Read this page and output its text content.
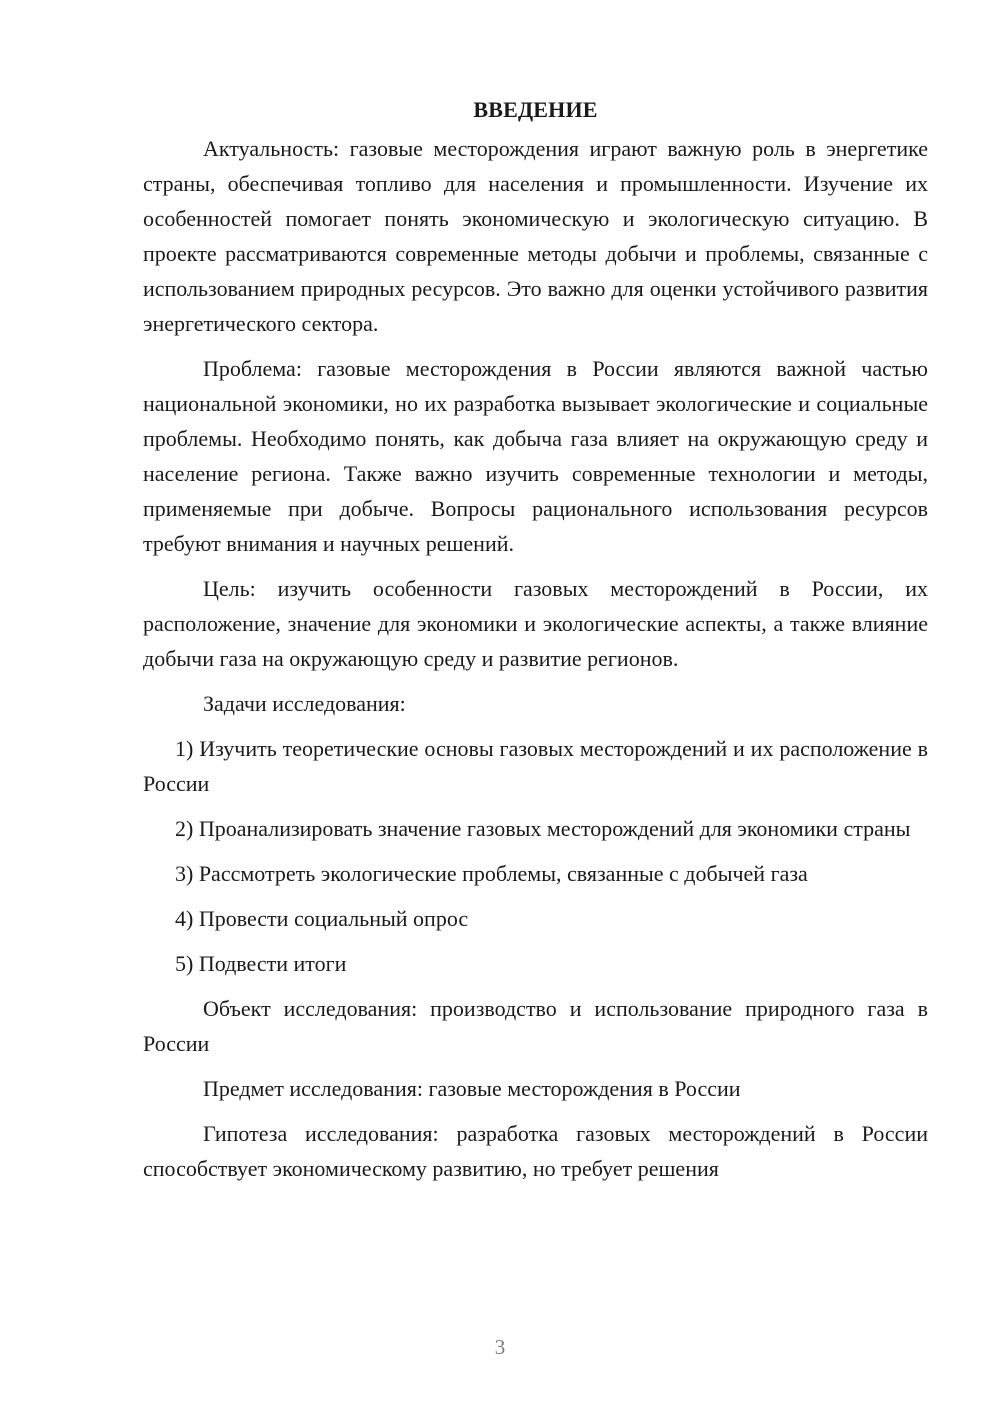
ВВЕДЕНИЕ

Актуальность: газовые месторождения играют важную роль в энергетике страны, обеспечивая топливо для населения и промышленности. Изучение их особенностей помогает понять экономическую и экологическую ситуацию. В проекте рассматриваются современные методы добычи и проблемы, связанные с использованием природных ресурсов. Это важно для оценки устойчивого развития энергетического сектора.

Проблема: газовые месторождения в России являются важной частью национальной экономики, но их разработка вызывает экологические и социальные проблемы. Необходимо понять, как добыча газа влияет на окружающую среду и население региона. Также важно изучить современные технологии и методы, применяемые при добыче. Вопросы рационального использования ресурсов требуют внимания и научных решений.

Цель: изучить особенности газовых месторождений в России, их расположение, значение для экономики и экологические аспекты, а также влияние добычи газа на окружающую среду и развитие регионов.

Задачи исследования:

1) Изучить теоретические основы газовых месторождений и их расположение в России

2) Проанализировать значение газовых месторождений для экономики страны

3) Рассмотреть экологические проблемы, связанные с добычей газа

4) Провести социальный опрос

5) Подвести итоги

Объект исследования: производство и использование природного газа в России

Предмет исследования: газовые месторождения в России

Гипотеза исследования: разработка газовых месторождений в России способствует экономическому развитию, но требует решения

3
